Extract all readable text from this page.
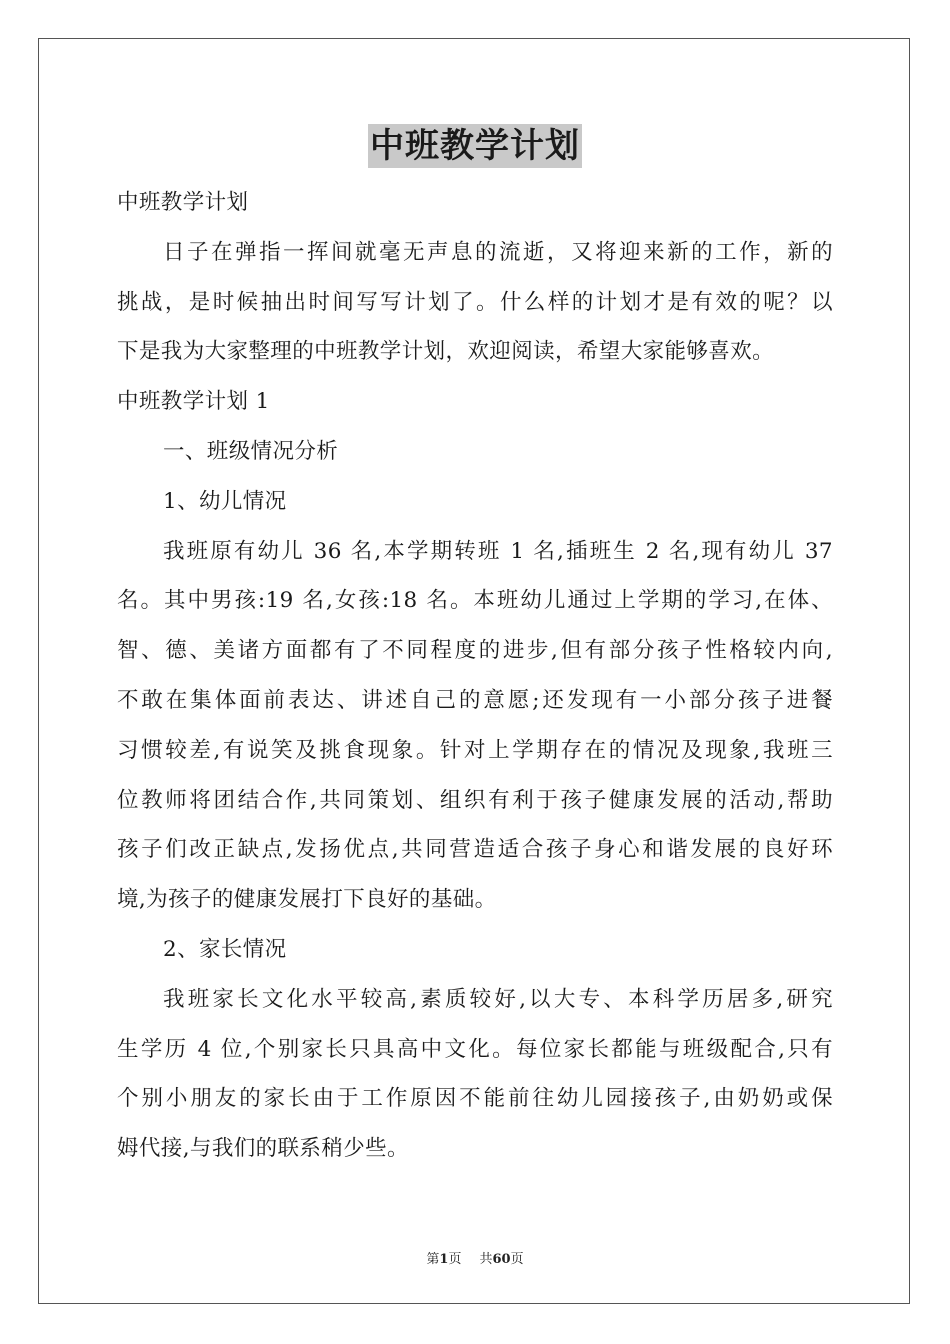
中班教学计划

中班教学计划

日子在弹指一挥间就毫无声息的流逝，又将迎来新的工作，新的

挑战，是时候抽出时间写写计划了。什么样的计划才是有效的呢？以

下是我为大家整理的中班教学计划，欢迎阅读，希望大家能够喜欢。

中班教学计划 1

一、班级情况分析

1、幼儿情况

我班原有幼儿 36 名,本学期转班 1 名,插班生 2 名,现有幼儿 37

名。其中男孩:19 名,女孩:18 名。本班幼儿通过上学期的学习,在体、

智、德、美诸方面都有了不同程度的进步,但有部分孩子性格较内向,

不敢在集体面前表达、讲述自己的意愿;还发现有一小部分孩子进餐

习惯较差,有说笑及挑食现象。针对上学期存在的情况及现象,我班三

位教师将团结合作,共同策划、组织有利于孩子健康发展的活动,帮助

孩子们改正缺点,发扬优点,共同营造适合孩子身心和谐发展的良好环

境,为孩子的健康发展打下良好的基础。

2、家长情况

我班家长文化水平较高,素质较好,以大专、本科学历居多,研究

生学历 4 位,个别家长只具高中文化。每位家长都能与班级配合,只有

个别小朋友的家长由于工作原因不能前往幼儿园接孩子,由奶奶或保

姆代接,与我们的联系稍少些。

第1页 共60页
